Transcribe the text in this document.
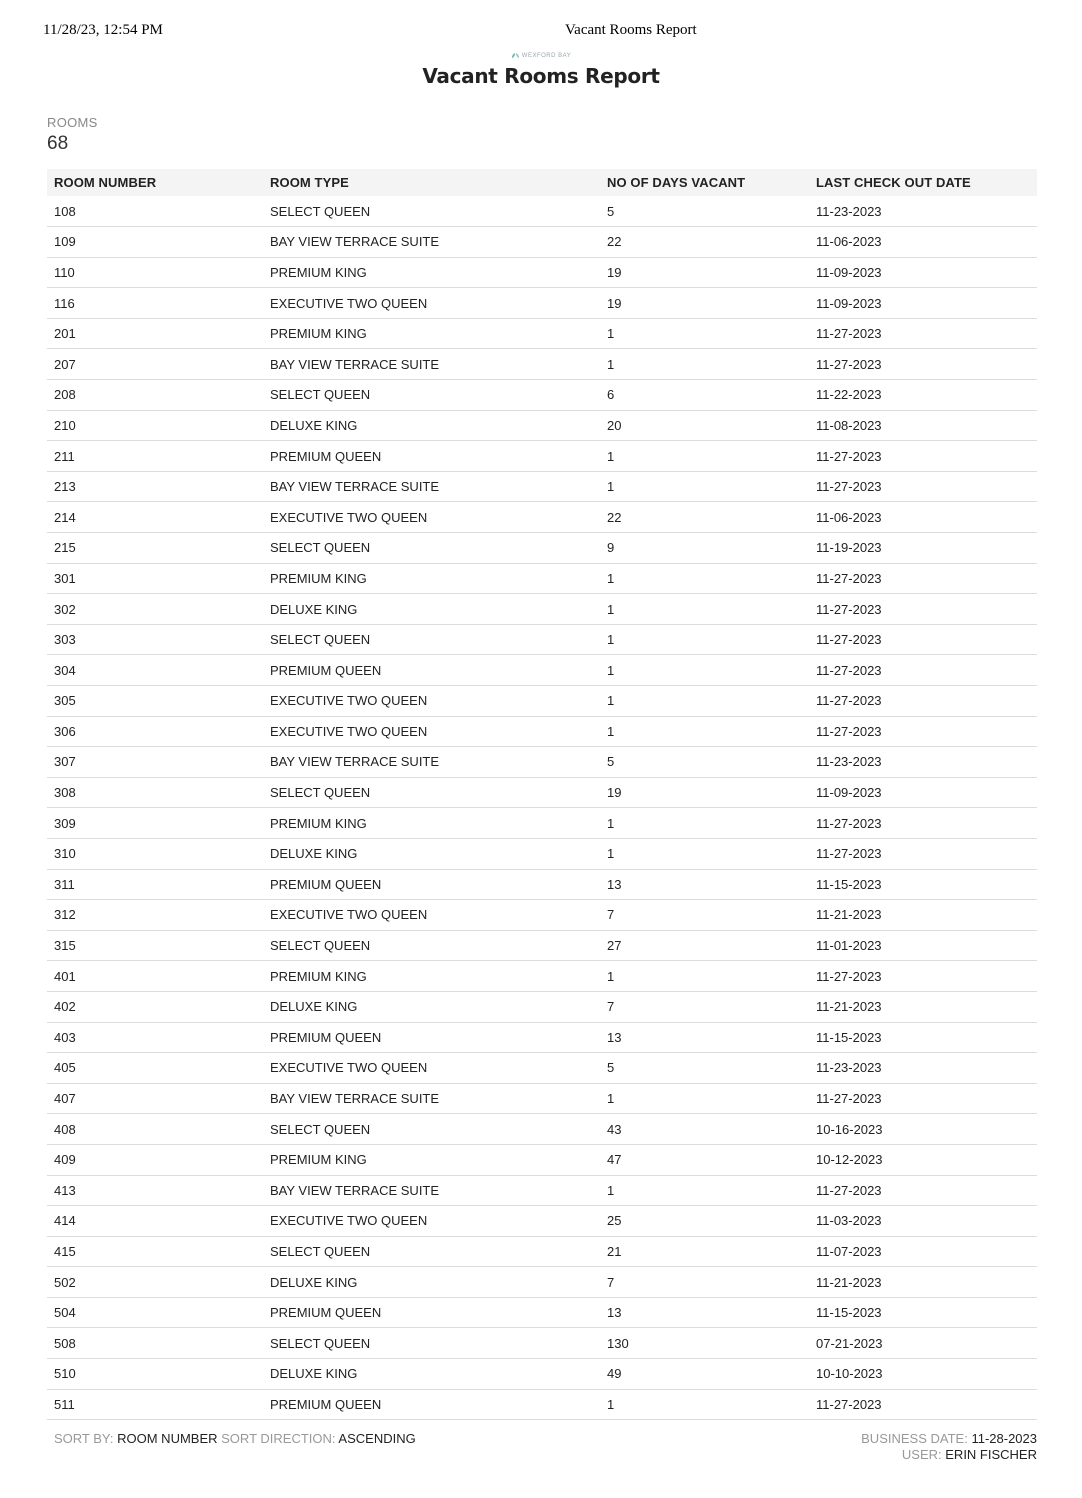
11/28/23, 12:54 PM	Vacant Rooms Report
WEXFORD BAY
Vacant Rooms Report
ROOMS
68
ROOM NUMBER	ROOM TYPE	NO OF DAYS VACANT	LAST CHECK OUT DATE
108	SELECT QUEEN	5	11-23-2023
109	BAY VIEW TERRACE SUITE	22	11-06-2023
110	PREMIUM KING	19	11-09-2023
116	EXECUTIVE TWO QUEEN	19	11-09-2023
201	PREMIUM KING	1	11-27-2023
207	BAY VIEW TERRACE SUITE	1	11-27-2023
208	SELECT QUEEN	6	11-22-2023
210	DELUXE KING	20	11-08-2023
211	PREMIUM QUEEN	1	11-27-2023
213	BAY VIEW TERRACE SUITE	1	11-27-2023
214	EXECUTIVE TWO QUEEN	22	11-06-2023
215	SELECT QUEEN	9	11-19-2023
301	PREMIUM KING	1	11-27-2023
302	DELUXE KING	1	11-27-2023
303	SELECT QUEEN	1	11-27-2023
304	PREMIUM QUEEN	1	11-27-2023
305	EXECUTIVE TWO QUEEN	1	11-27-2023
306	EXECUTIVE TWO QUEEN	1	11-27-2023
307	BAY VIEW TERRACE SUITE	5	11-23-2023
308	SELECT QUEEN	19	11-09-2023
309	PREMIUM KING	1	11-27-2023
310	DELUXE KING	1	11-27-2023
311	PREMIUM QUEEN	13	11-15-2023
312	EXECUTIVE TWO QUEEN	7	11-21-2023
315	SELECT QUEEN	27	11-01-2023
401	PREMIUM KING	1	11-27-2023
402	DELUXE KING	7	11-21-2023
403	PREMIUM QUEEN	13	11-15-2023
405	EXECUTIVE TWO QUEEN	5	11-23-2023
407	BAY VIEW TERRACE SUITE	1	11-27-2023
408	SELECT QUEEN	43	10-16-2023
409	PREMIUM KING	47	10-12-2023
413	BAY VIEW TERRACE SUITE	1	11-27-2023
414	EXECUTIVE TWO QUEEN	25	11-03-2023
415	SELECT QUEEN	21	11-07-2023
502	DELUXE KING	7	11-21-2023
504	PREMIUM QUEEN	13	11-15-2023
508	SELECT QUEEN	130	07-21-2023
510	DELUXE KING	49	10-10-2023
511	PREMIUM QUEEN	1	11-27-2023
SORT BY: ROOM NUMBER SORT DIRECTION: ASCENDING	BUSINESS DATE: 11-28-2023
USER: ERIN FISCHER
